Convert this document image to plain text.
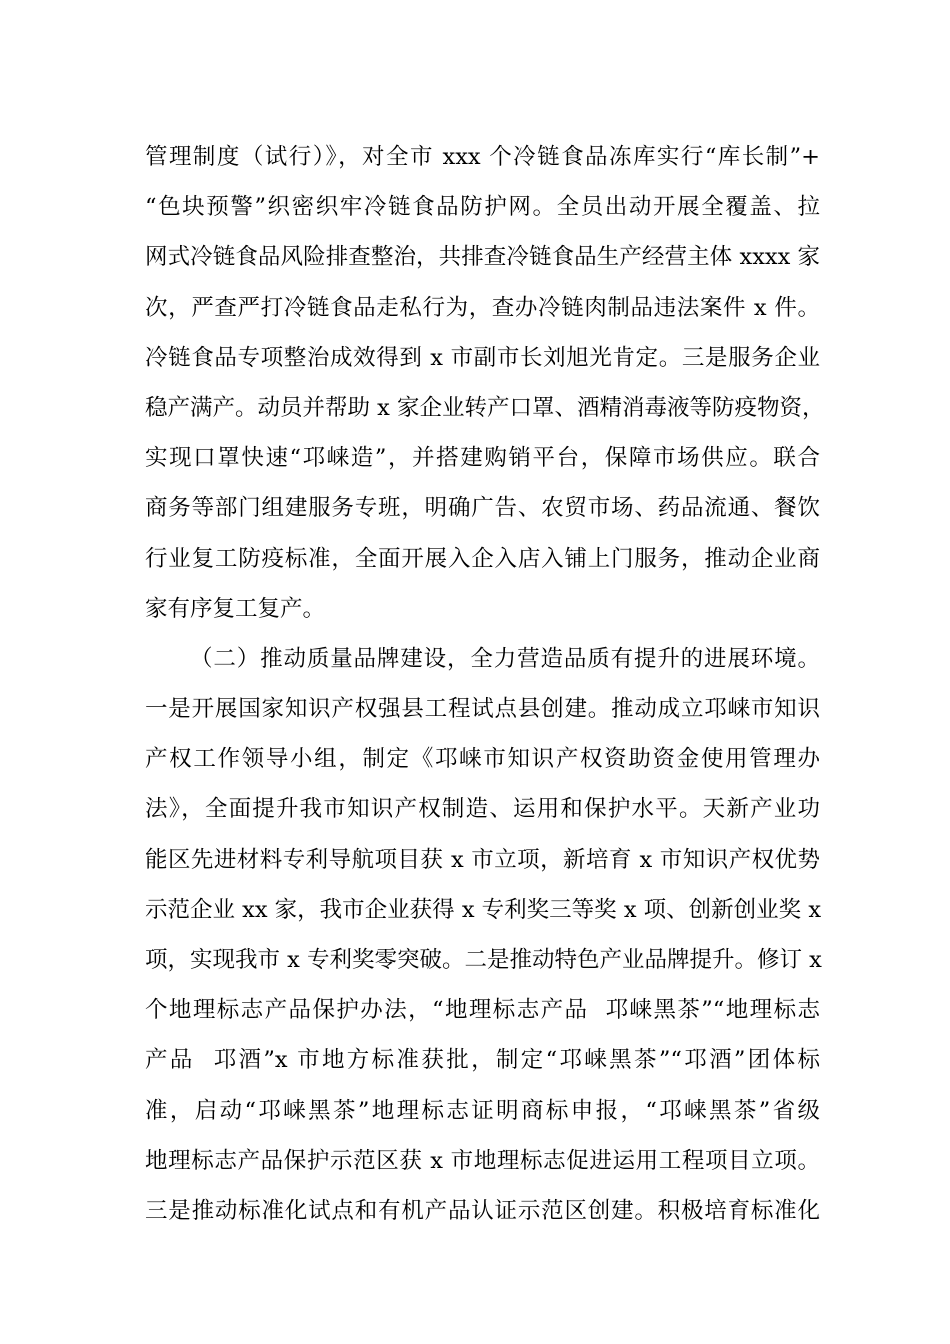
管理制度（试行）》，对全市 xxx 个冷链食品冻库实行“库长制”+
“色块预警”织密织牢冷链食品防护网。全员出动开展全覆盖、拉
网式冷链食品风险排查整治，共排查冷链食品生产经营主体 xxxx 家
次，严查严打冷链食品走私行为，查办冷链肉制品违法案件 x 件。
冷链食品专项整治成效得到 x 市副市长刘旭光肯定。三是服务企业
稳产满产。动员并帮助 x 家企业转产口罩、酒精消毒液等防疫物资，
实现口罩快速“邛崃造”，并搭建购销平台，保障市场供应。联合
商务等部门组建服务专班，明确广告、农贸市场、药品流通、餐饮
行业复工防疫标准，全面开展入企入店入铺上门服务，推动企业商
家有序复工复产。
（二）推动质量品牌建设，全力营造品质有提升的进展环境。
一是开展国家知识产权强县工程试点县创建。推动成立邛崃市知识
产权工作领导小组，制定《邛崃市知识产权资助资金使用管理办
法》，全面提升我市知识产权制造、运用和保护水平。天新产业功
能区先进材料专利导航项目获 x 市立项，新培育 x 市知识产权优势
示范企业 xx 家，我市企业获得 x 专利奖三等奖 x 项、创新创业奖 x
项，实现我市 x 专利奖零突破。二是推动特色产业品牌提升。修订 x
个地理标志产品保护办法，“地理标志产品  邛崃黑茶”“地理标志
产品  邛酒”x 市地方标准获批，制定“邛崃黑茶”“邛酒”团体标
准，启动“邛崃黑茶”地理标志证明商标申报，“邛崃黑茶”省级
地理标志产品保护示范区获 x 市地理标志促进运用工程项目立项。
三是推动标准化试点和有机产品认证示范区创建。积极培育标准化
